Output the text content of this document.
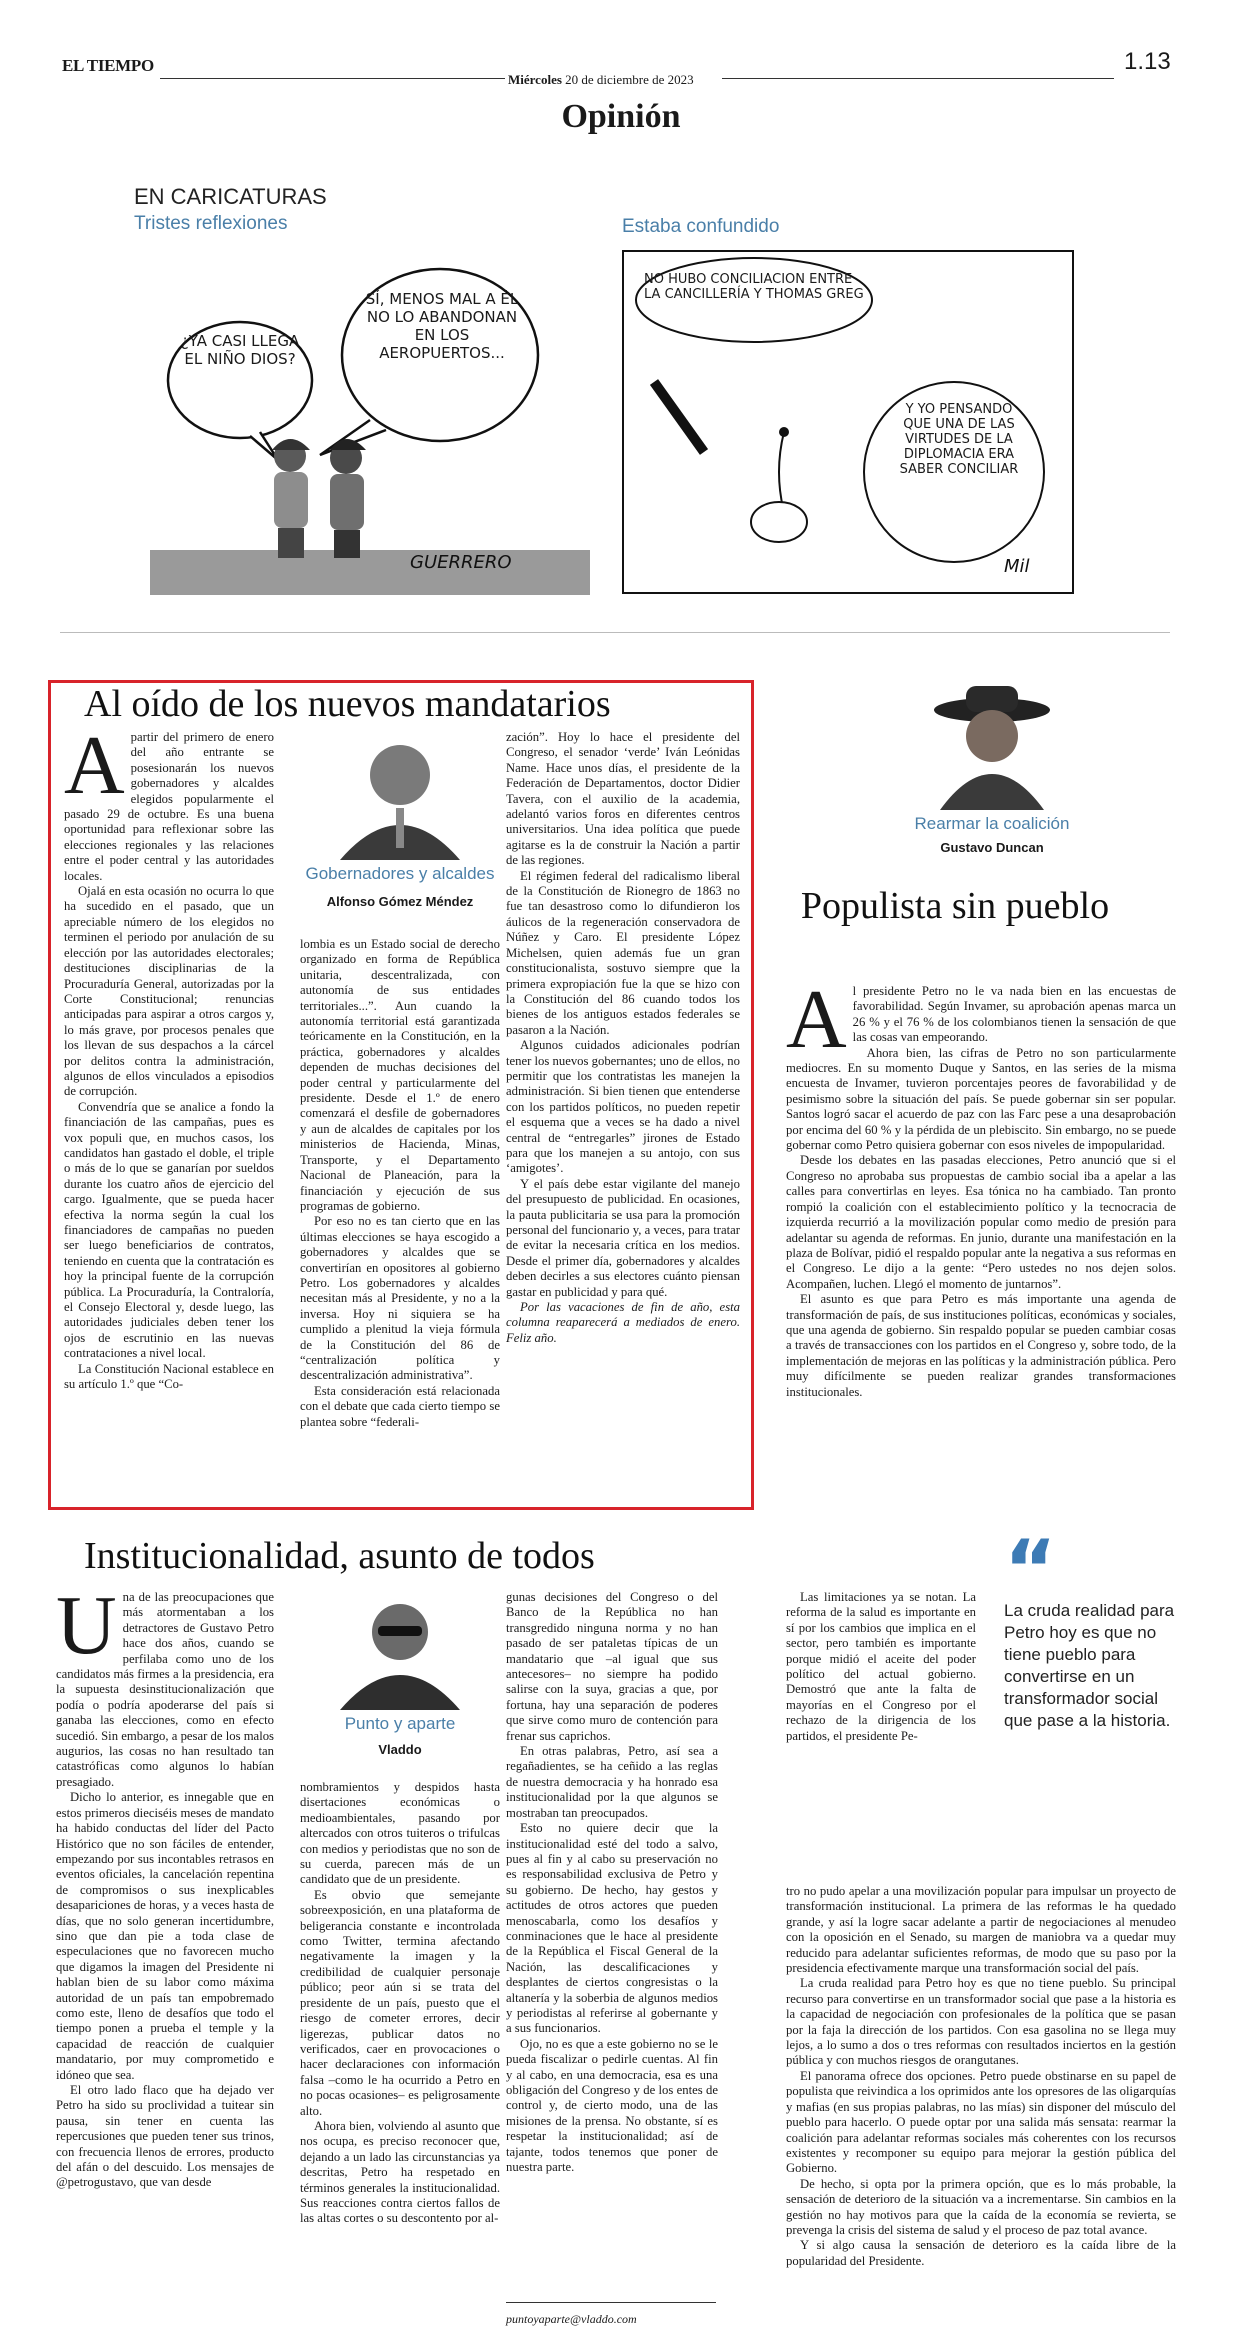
EL TIEMPO
Miércoles 20 de diciembre de 2023
1.13
Opinión
EN CARICATURAS
Tristes reflexiones	Estaba confundido
¿YA CASI LLEGA EL NIÑO DIOS?
SÍ, MENOS MAL A ÉL NO LO ABANDONAN EN LOS AEROPUERTOS...
GUERRERO
NO HUBO CONCILIACIÓN ENTRE LA CANCILLERÍA Y THOMAS GREG
Y YO PENSANDO QUE UNA DE LAS VIRTUDES DE LA DIPLOMACIA ERA SABER CONCILIAR
Mil
Al oído de los nuevos mandatarios

Apartir del primero de enero del año entrante se posesionarán los nuevos gobernadores y alcaldes elegidos popularmente el pasado 29 de octubre. Es una buena oportunidad para reflexionar sobre las elecciones regionales y las relaciones entre el poder central y las autoridades locales.

Ojalá en esta ocasión no ocurra lo que ha sucedido en el pasado, que un apreciable número de los elegidos no terminen el periodo por anulación de su elección por las autoridades electorales; destituciones disciplinarias de la Procuraduría General, autorizadas por la Corte Constitucional; renuncias anticipadas para aspirar a otros cargos y, lo más grave, por procesos penales que los llevan de sus despachos a la cárcel por delitos contra la administración, algunos de ellos vinculados a episodios de corrupción.

Convendría que se analice a fondo la financiación de las campañas, pues es vox populi que, en muchos casos, los candidatos han gastado el doble, el triple o más de lo que se ganarían por sueldos durante los cuatro años de ejercicio del cargo. Igualmente, que se pueda hacer efectiva la norma según la cual los financiadores de campañas no pueden ser luego beneficiarios de contratos, teniendo en cuenta que la contratación es hoy la principal fuente de la corrupción pública. La Procuraduría, la Contraloría, el Consejo Electoral y, desde luego, las autoridades judiciales deben tener los ojos de escrutinio en las nuevas contrataciones a nivel local.

La Constitución Nacional establece en su artículo 1.º que “Co-

Gobernadores y alcaldes
Alfonso Gómez Méndez

lombia es un Estado social de derecho organizado en forma de República unitaria, descentralizada, con autonomía de sus entidades territoriales...”. Aun cuando la autonomía territorial está garantizada teóricamente en la Constitución, en la práctica, gobernadores y alcaldes dependen de muchas decisiones del poder central y particularmente del presidente. Desde el 1.º de enero comenzará el desfile de gobernadores y aun de alcaldes de capitales por los ministerios de Hacienda, Minas, Transporte, y el Departamento Nacional de Planeación, para la financiación y ejecución de sus programas de gobierno.

Por eso no es tan cierto que en las últimas elecciones se haya escogido a gobernadores y alcaldes que se convertirían en opositores al gobierno Petro. Los gobernadores y alcaldes necesitan más al Presidente, y no a la inversa. Hoy ni siquiera se ha cumplido a plenitud la vieja fórmula de la Constitución del 86 de “centralización política y descentralización administrativa”.

Esta consideración está relacionada con el debate que cada cierto tiempo se plantea sobre “federali-

zación”. Hoy lo hace el presidente del Congreso, el senador ‘verde’ Iván Leónidas Name. Hace unos días, el presidente de la Federación de Departamentos, doctor Didier Tavera, con el auxilio de la academia, adelantó varios foros en diferentes centros universitarios. Una idea política que puede agitarse es la de construir la Nación a partir de las regiones.

El régimen federal del radicalismo liberal de la Constitución de Rionegro de 1863 no fue tan desastroso como lo difundieron los áulicos de la regeneración conservadora de Núñez y Caro. El presidente López Michelsen, quien además fue un gran constitucionalista, sostuvo siempre que la primera expropiación fue la que se hizo con la Constitución del 86 cuando todos los bienes de los antiguos estados federales se pasaron a la Nación.

Algunos cuidados adicionales podrían tener los nuevos gobernantes; uno de ellos, no permitir que los contratistas les manejen la administración. Si bien tienen que entenderse con los partidos políticos, no pueden repetir el esquema que a veces se ha dado a nivel central de “entregarles” jirones de Estado para que los manejen a su antojo, con sus ‘amigotes’.

Y el país debe estar vigilante del manejo del presupuesto de publicidad. En ocasiones, la pauta publicitaria se usa para la promoción personal del funcionario y, a veces, para tratar de evitar la necesaria crítica en los medios. Desde el primer día, gobernadores y alcaldes deben decirles a sus electores cuánto piensan gastar en publicidad y para qué.

Por las vacaciones de fin de año, esta columna reaparecerá a mediados de enero. Feliz año.

Institucionalidad, asunto de todos

Una de las preocupaciones que más atormentaban a los detractores de Gustavo Petro hace dos años, cuando se perfilaba como uno de los candidatos más firmes a la presidencia, era la supuesta desinstitucionalización que podía o podría apoderarse del país si ganaba las elecciones, como en efecto sucedió. Sin embargo, a pesar de los malos augurios, las cosas no han resultado tan catastróficas como algunos lo habían presagiado.

Dicho lo anterior, es innegable que en estos primeros dieciséis meses de mandato ha habido conductas del líder del Pacto Histórico que no son fáciles de entender, empezando por sus incontables retrasos en eventos oficiales, la cancelación repentina de compromisos o sus inexplicables desapariciones de horas, y a veces hasta de días, que no solo generan incertidumbre, sino que dan pie a toda clase de especulaciones que no favorecen mucho que digamos la imagen del Presidente ni hablan bien de su labor como máxima autoridad de un país tan empobremado como este, lleno de desafíos que todo el tiempo ponen a prueba el temple y la capacidad de reacción de cualquier mandatario, por muy comprometido e idóneo que sea.

El otro lado flaco que ha dejado ver Petro ha sido su proclividad a tuitear sin pausa, sin tener en cuenta las repercusiones que pueden tener sus trinos, con frecuencia llenos de errores, producto del afán o del descuido. Los mensajes de @petrogustavo, que van desde

Punto y aparte
Vladdo

nombramientos y despidos hasta disertaciones económicas o medioambientales, pasando por altercados con otros tuiteros o trifulcas con medios y periodistas que no son de su cuerda, parecen más de un candidato que de un presidente.

Es obvio que semejante sobreexposición, en una plataforma de beligerancia constante e incontrolada como Twitter, termina afectando negativamente la imagen y la credibilidad de cualquier personaje público; peor aún si se trata del presidente de un país, puesto que el riesgo de cometer errores, decir ligerezas, publicar datos no verificados, caer en provocaciones o hacer declaraciones con información falsa –como le ha ocurrido a Petro en no pocas ocasiones– es peligrosamente alto.

Ahora bien, volviendo al asunto que nos ocupa, es preciso reconocer que, dejando a un lado las circunstancias ya descritas, Petro ha respetado en términos generales la institucionalidad. Sus reacciones contra ciertos fallos de las altas cortes o su descontento por al-

gunas decisiones del Congreso o del Banco de la República no han transgredido ninguna norma y no han pasado de ser pataletas típicas de un mandatario que –al igual que sus antecesores– no siempre ha podido salirse con la suya, gracias a que, por fortuna, hay una separación de poderes que sirve como muro de contención para frenar sus caprichos.

En otras palabras, Petro, así sea a regañadientes, se ha ceñido a las reglas de nuestra democracia y ha honrado esa institucionalidad por la que algunos se mostraban tan preocupados.

Esto no quiere decir que la institucionalidad esté del todo a salvo, pues al fin y al cabo su preservación no es responsabilidad exclusiva de Petro y su gobierno. De hecho, hay gestos y actitudes de otros actores que pueden menoscabarla, como los desafíos y conminaciones que le hace al presidente de la República el Fiscal General de la Nación, las descalificaciones y desplantes de ciertos congresistas o la altanería y la soberbia de algunos medios y periodistas al referirse al gobernante y a sus funcionarios.

Ojo, no es que a este gobierno no se le pueda fiscalizar o pedirle cuentas. Al fin y al cabo, en una democracia, esa es una obligación del Congreso y de los entes de control y, de cierto modo, una de las misiones de la prensa. No obstante, sí es respetar la institucionalidad; así de tajante, todos tenemos que poner de nuestra parte.

puntoyaparte@vladdo.com
Rearmar la coalición
Gustavo Duncan
Populista sin pueblo

Al presidente Petro no le va nada bien en las encuestas de favorabilidad. Según Invamer, su aprobación apenas marca un 26 % y el 76 % de los colombianos tienen la sensación de que las cosas van empeorando.

Ahora bien, las cifras de Petro no son particularmente mediocres. En su momento Duque y Santos, en las series de la misma encuesta de Invamer, tuvieron porcentajes peores de favorabilidad y de pesimismo sobre la situación del país. Se puede gobernar sin ser popular. Santos logró sacar el acuerdo de paz con las Farc pese a una desaprobación por encima del 60 % y la pérdida de un plebiscito. Sin embargo, no se puede gobernar como Petro quisiera gobernar con esos niveles de impopularidad.

Desde los debates en las pasadas elecciones, Petro anunció que si el Congreso no aprobaba sus propuestas de cambio social iba a apelar a las calles para convertirlas en leyes. Esa tónica no ha cambiado. Tan pronto rompió la coalición con el establecimiento político y la tecnocracia de izquierda recurrió a la movilización popular como medio de presión para adelantar su agenda de reformas. En junio, durante una manifestación en la plaza de Bolívar, pidió el respaldo popular ante la negativa a sus reformas en el Congreso. Le dijo a la gente: “Pero ustedes no nos dejen solos. Acompañen, luchen. Llegó el momento de juntarnos”.

El asunto es que para Petro es más importante una agenda de transformación de país, de sus instituciones políticas, económicas y sociales, que una agenda de gobierno. Sin respaldo popular se pueden cambiar cosas a través de transacciones con los partidos en el Congreso y, sobre todo, de la implementación de mejoras en las políticas y la administración pública. Pero muy difícilmente se pueden realizar grandes transformaciones institucionales.

Las limitaciones ya se notan. La reforma de la salud es importante en sí por los cambios que implica en el sector, pero también es importante porque midió el aceite del poder político del actual gobierno. Demostró que ante la falta de mayorías en el Congreso por el rechazo de la dirigencia de los partidos, el presidente Pe-

“
La cruda realidad para Petro hoy es que no tiene pueblo para convertirse en un transformador social que pase a la historia.

tro no pudo apelar a una movilización popular para impulsar un proyecto de transformación institucional. La primera de las reformas le ha quedado grande, y así la logre sacar adelante a partir de negociaciones al menudeo con la oposición en el Senado, su margen de maniobra va a quedar muy reducido para adelantar suficientes reformas, de modo que su paso por la presidencia efectivamente marque una transformación social del país.

La cruda realidad para Petro hoy es que no tiene pueblo. Su principal recurso para convertirse en un transformador social que pase a la historia es la capacidad de negociación con profesionales de la política que se pasan por la faja la dirección de los partidos. Con esa gasolina no se llega muy lejos, a lo sumo a dos o tres reformas con resultados inciertos en la gestión pública y con muchos riesgos de orangutanes.

El panorama ofrece dos opciones. Petro puede obstinarse en su papel de populista que reivindica a los oprimidos ante los opresores de las oligarquías y mafias (en sus propias palabras, no las mías) sin disponer del músculo del pueblo para hacerlo. O puede optar por una salida más sensata: rearmar la coalición para adelantar reformas sociales más coherentes con los recursos existentes y recomponer su equipo para mejorar la gestión pública del Gobierno.

De hecho, si opta por la primera opción, que es lo más probable, la sensación de deterioro de la situación va a incrementarse. Sin cambios en la gestión no hay motivos para que la caída de la economía se revierta, se prevenga la crisis del sistema de salud y el proceso de paz total avance.

Y si algo causa la sensación de deterioro es la caída libre de la popularidad del Presidente.
